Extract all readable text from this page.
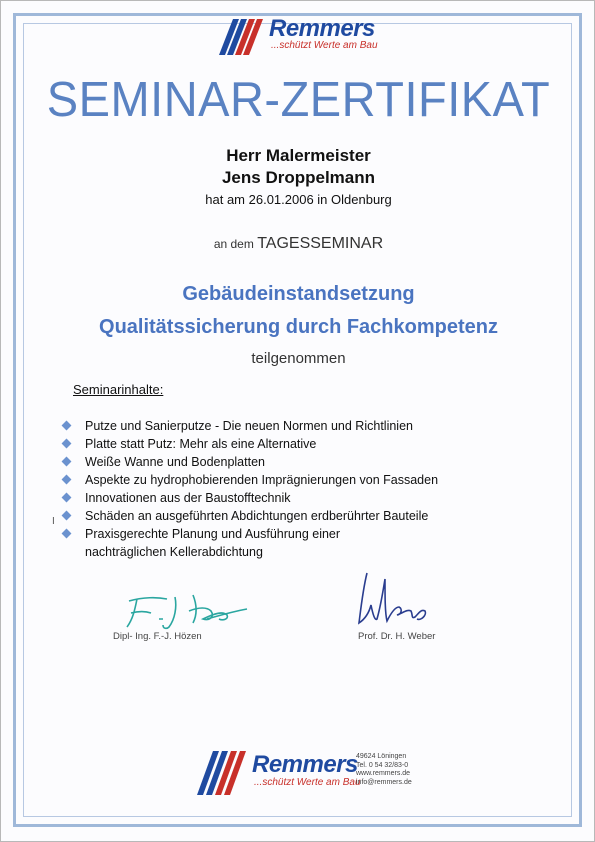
Remmers
...schützt Werte am Bau
SEMINAR-ZERTIFIKAT
Herr Malermeister
Jens Droppelmann
hat am 26.01.2006 in Oldenburg
an dem TAGESSEMINAR
Gebäudeinstandsetzung
Qualitätssicherung durch Fachkompetenz
teilgenommen
Seminarinhalte:
I
Putze und Sanierputze - Die neuen Normen und Richtlinien
Platte statt Putz: Mehr als eine Alternative
Weiße Wanne und Bodenplatten
Aspekte zu hydrophobierenden Imprägnierungen von Fassaden
Innovationen aus der Baustofftechnik
Schäden an ausgeführten Abdichtungen erdberührter Bauteile
Praxisgerechte Planung und Ausführung einer
nachträglichen Kellerabdichtung
Dipl- Ing. F.-J. Hözen	Prof. Dr. H. Weber
Remmers
...schützt Werte am Bau
49624 Löningen
Tel. 0 54 32/83-0
www.remmers.de
info@remmers.de
